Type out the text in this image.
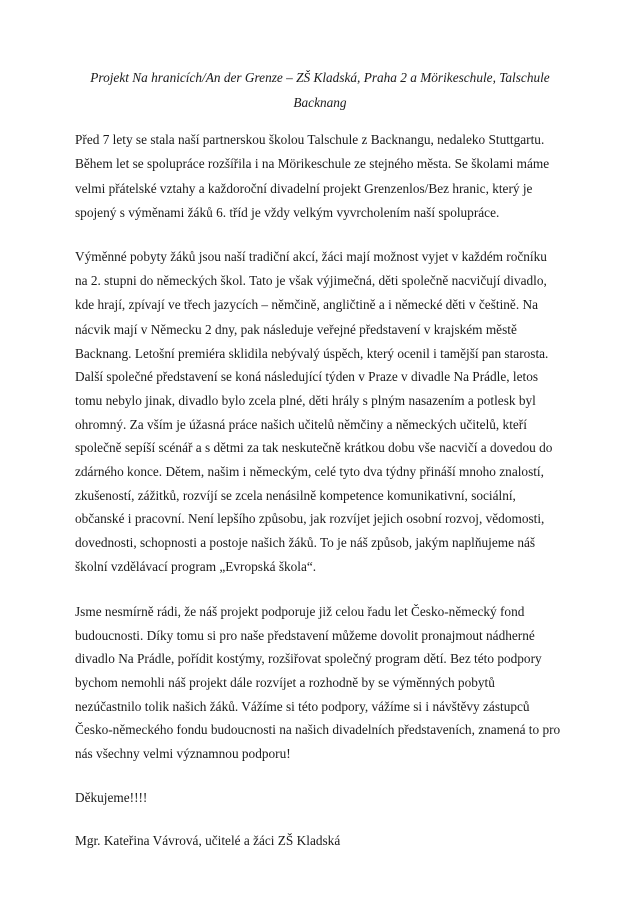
Projekt Na hranicích/An der Grenze – ZŠ Kladská, Praha 2 a Mörikeschule, Talschule
Backnang
Před 7 lety se stala naší partnerskou školou Talschule z Backnangu, nedaleko Stuttgartu.
Během let se spolupráce rozšířila i na Mörikeschule ze stejného města. Se školami máme
velmi přátelské vztahy a každoroční divadelní projekt Grenzenlos/Bez hranic, který je
spojený s výměnami žáků 6. tříd je vždy velkým vyvrcholením naší spolupráce.
Výměnné pobyty žáků jsou naší tradiční akcí, žáci mají možnost vyjet v každém ročníku
na 2. stupni do německých škol. Tato je však výjimečná, děti společně nacvičují divadlo,
kde hrají, zpívají ve třech jazycích – němčině, angličtině a i německé děti v češtině. Na
nácvik mají v Německu 2 dny, pak následuje veřejné představení v krajském městě
Backnang. Letošní premiéra sklidila nebývalý úspěch, který ocenil i tamější pan starosta.
Další společné představení se koná následující týden v Praze v divadle Na Prádle, letos
tomu nebylo jinak, divadlo bylo zcela plné, děti hrály s plným nasazením a potlesk byl
ohromný. Za vším je úžasná práce našich učitelů němčiny a německých učitelů, kteří
společně sepíší scénář a s dětmi za tak neskutečně krátkou dobu vše nacvičí a dovedou do
zdárného konce. Dětem, našim i německým, celé tyto dva týdny přináší mnoho znalostí,
zkušeností, zážitků, rozvíjí se zcela nenásilně kompetence komunikativní, sociální,
občanské i pracovní. Není lepšího způsobu, jak rozvíjet jejich osobní rozvoj, vědomosti,
dovednosti, schopnosti a postoje našich žáků. To je náš způsob, jakým naplňujeme náš
školní vzdělávací program „Evropská škola“.
Jsme nesmírně rádi, že náš projekt podporuje již celou řadu let Česko-německý fond
budoucnosti. Díky tomu si pro naše představení můžeme dovolit pronajmout nádherné
divadlo Na Prádle, pořídit kostýmy, rozšiřovat společný program dětí. Bez této podpory
bychom nemohli náš projekt dále rozvíjet a rozhodně by se výměnných pobytů
nezúčastnilo tolik našich žáků. Vážíme si této podpory, vážíme si i návštěvy zástupců
Česko-německého fondu budoucnosti na našich divadelních představeních, znamená to pro
nás všechny velmi významnou podporu!
Děkujeme!!!!
Mgr. Kateřina Vávrová, učitelé a žáci ZŠ Kladská
